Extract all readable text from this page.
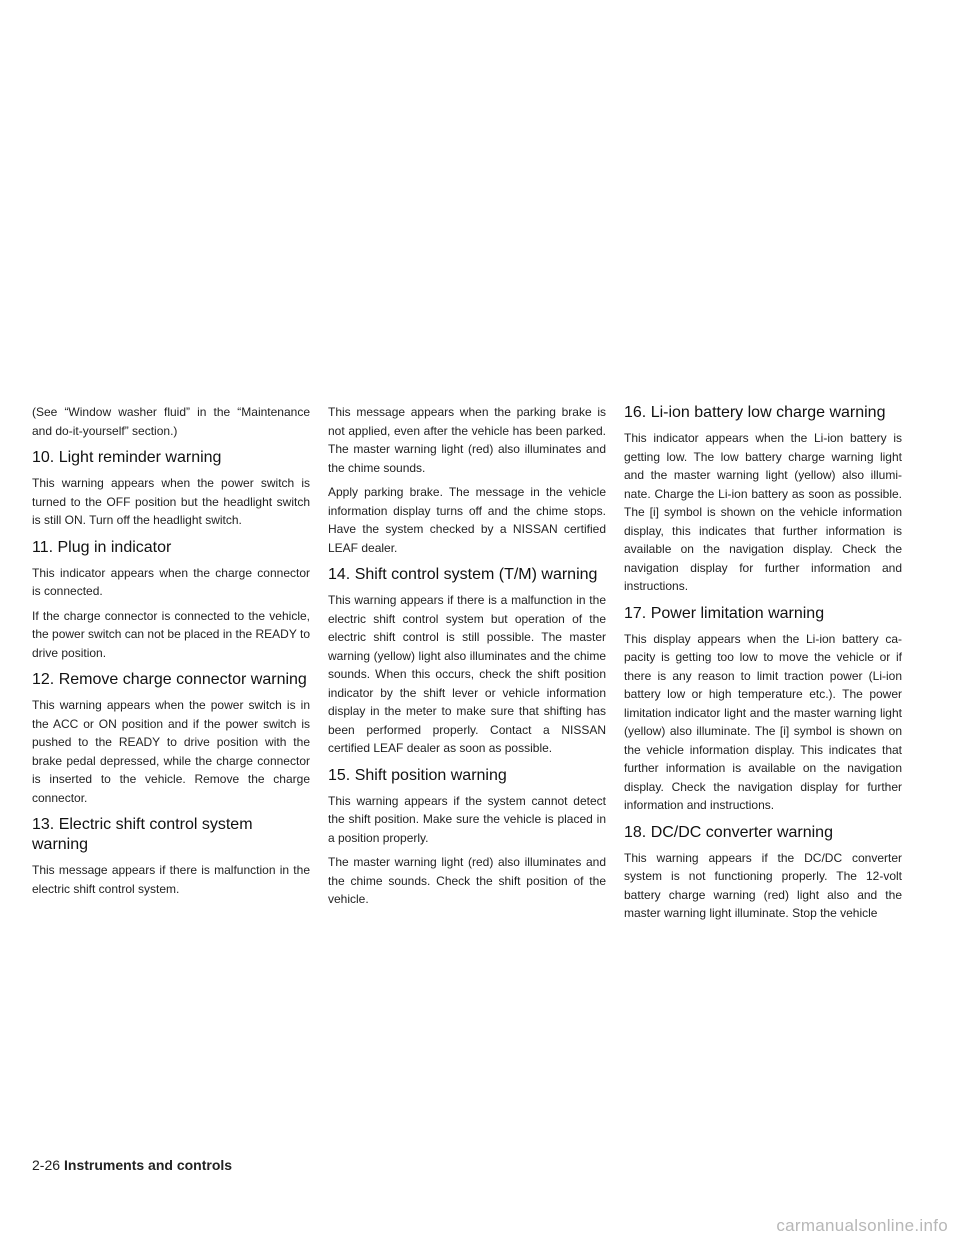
(See “Window washer fluid” in the “Maintenance and do-it-yourself” section.)

10. Light reminder warning

This warning appears when the power switch is turned to the OFF position but the headlight switch is still ON. Turn off the headlight switch.

11. Plug in indicator

This indicator appears when the charge connector is connected.

If the charge connector is connected to the vehicle, the power switch can not be placed in the READY to drive position.

12. Remove charge connector warning

This warning appears when the power switch is in the ACC or ON position and if the power switch is pushed to the READY to drive position with the brake pedal depressed, while the charge connector is inserted to the vehicle. Remove the charge connector.

13. Electric shift control system warning

This message appears if there is malfunction in the electric shift control system.

This message appears when the parking brake is not applied, even after the vehicle has been parked. The master warning light (red) also illuminates and the chime sounds.

Apply parking brake. The message in the vehicle information display turns off and the chime stops. Have the system checked by a NISSAN certified LEAF dealer.

14. Shift control system (T/M) warning

This warning appears if there is a malfunction in the electric shift control system but operation of the electric shift control is still possible. The master warning (yellow) light also illuminates and the chime sounds. When this occurs, check the shift position indicator by the shift lever or vehicle information display in the meter to make sure that shifting has been performed properly. Contact a NISSAN certified LEAF dealer as soon as possible.

15. Shift position warning

This warning appears if the system cannot detect the shift position. Make sure the vehicle is placed in a position properly.

The master warning light (red) also illuminates and the chime sounds. Check the shift position of the vehicle.

16. Li-ion battery low charge warning

This indicator appears when the Li-ion battery is getting low. The low battery charge warning light and the master warning light (yellow) also illuminate. Charge the Li-ion battery as soon as possible. The [i] symbol is shown on the vehicle information display, this indicates that further information is available on the navigation display. Check the navigation display for further information and instructions.

17. Power limitation warning

This display appears when the Li-ion battery capacity is getting too low to move the vehicle or if there is any reason to limit traction power (Li-ion battery low or high temperature etc.). The power limitation indicator light and the master warning light (yellow) also illuminate. The [i] symbol is shown on the vehicle information display. This indicates that further information is available on the navigation display. Check the navigation display for further information and instructions.

18. DC/DC converter warning

This warning appears if the DC/DC converter system is not functioning properly. The 12-volt battery charge warning (red) light also and the master warning light illuminate. Stop the vehicle

2-26 Instruments and controls
carmanualsonline.info
